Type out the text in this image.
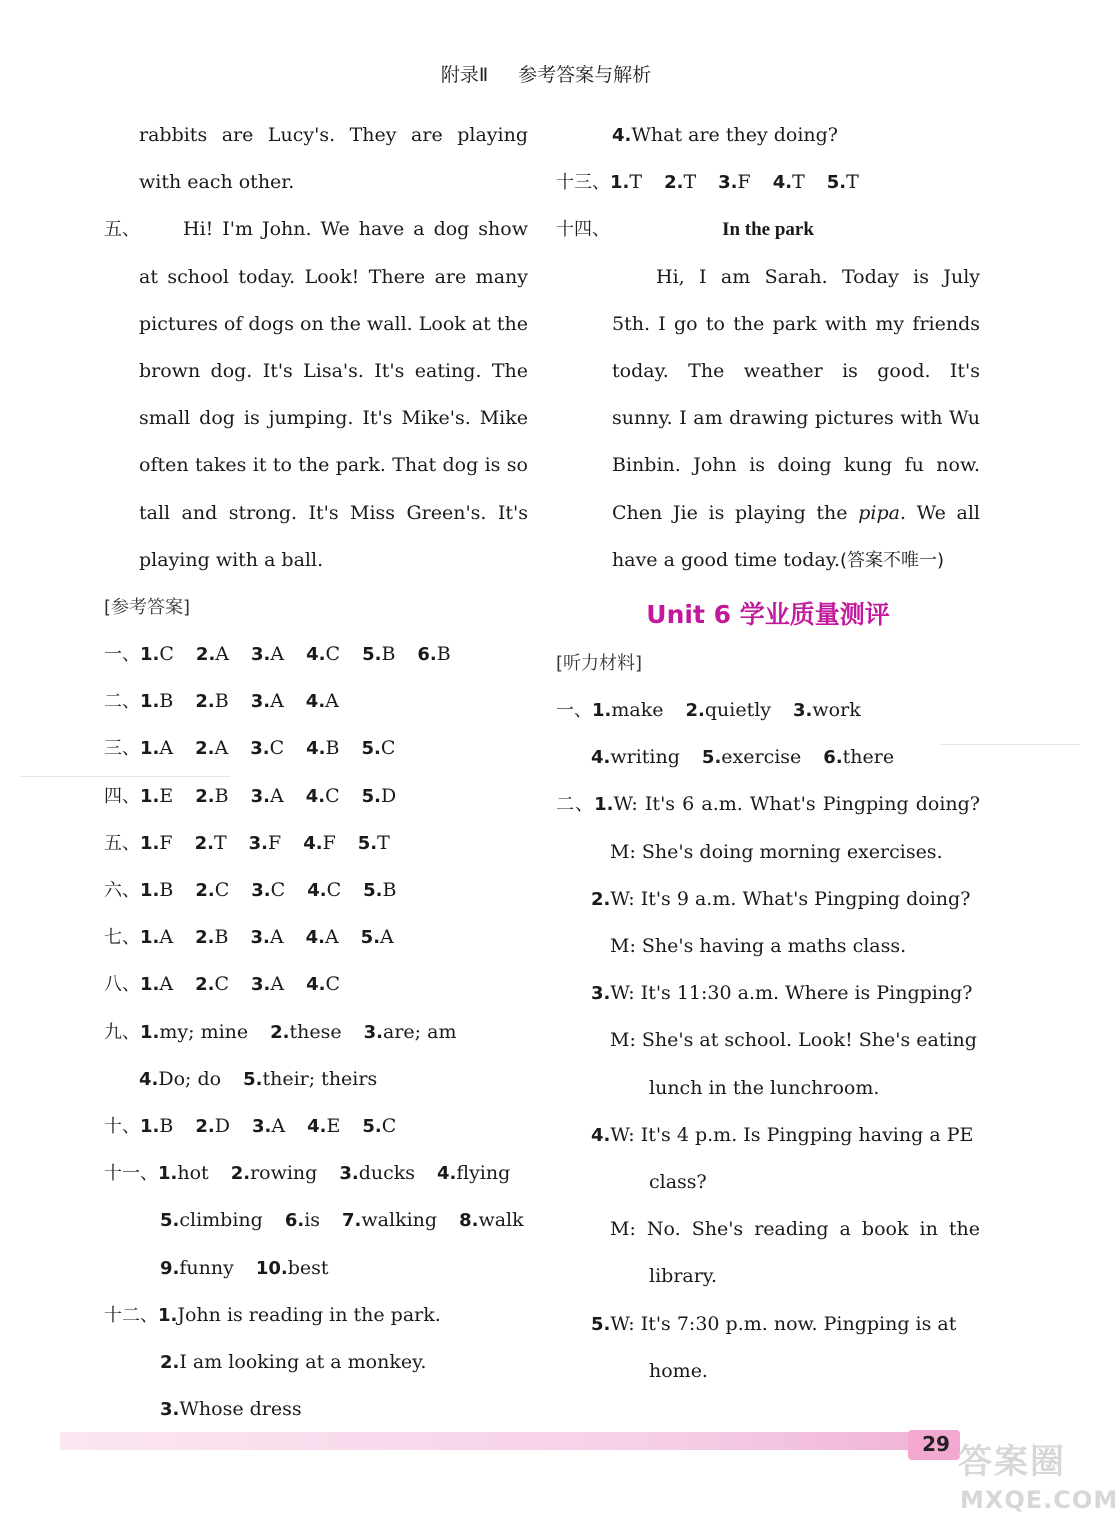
附录Ⅱ 参考答案与解析
rabbits are Lucy's. They are playing
with each other.
五、 Hi! I'm John. We have a dog show
at school today. Look! There are many
pictures of dogs on the wall. Look at the
brown dog. It's Lisa's. It's eating. The
small dog is jumping. It's Mike's. Mike
often takes it to the park. That dog is so
tall and strong. It's Miss Green's. It's
playing with a ball.
[参考答案]
一、1.C 2.A 3.A 4.C 5.B 6.B
二、1.B 2.B 3.A 4.A
三、1.A 2.A 3.C 4.B 5.C
四、1.E 2.B 3.A 4.C 5.D
五、1.F 2.T 3.F 4.F 5.T
六、1.B 2.C 3.C 4.C 5.B
七、1.A 2.B 3.A 4.A 5.A
八、1.A 2.C 3.A 4.C
九、1.my; mine 2.these 3.are; am
4.Do; do 5.their; theirs
十、1.B 2.D 3.A 4.E 5.C
十一、1.hot 2.rowing 3.ducks 4.flying
5.climbing 6.is 7.walking 8.walk
9.funny 10.best
十二、1.John is reading in the park.
2.I am looking at a monkey.
3.Whose dress
4.What are they doing?
十三、1.T 2.T 3.F 4.T 5.T
十四、	In the park
Hi, I am Sarah. Today is July
5th. I go to the park with my friends
today. The weather is good. It's
sunny. I am drawing pictures with Wu
Binbin. John is doing kung fu now.
Chen Jie is playing the pipa. We all
have a good time today.(答案不唯一)
Unit 6 学业质量测评
[听力材料]
一、1.make 2.quietly 3.work
4.writing 5.exercise 6.there
二、1.W: It's 6 a.m. What's Pingping doing?
M: She's doing morning exercises.
2.W: It's 9 a.m. What's Pingping doing?
M: She's having a maths class.
3.W: It's 11:30 a.m. Where is Pingping?
M: She's at school. Look! She's eating
lunch in the lunchroom.
4.W: It's 4 p.m. Is Pingping having a PE
class?
M: No. She's reading a book in the
library.
5.W: It's 7:30 p.m. now. Pingping is at
home.
29 答案圈
MXQE.COM
